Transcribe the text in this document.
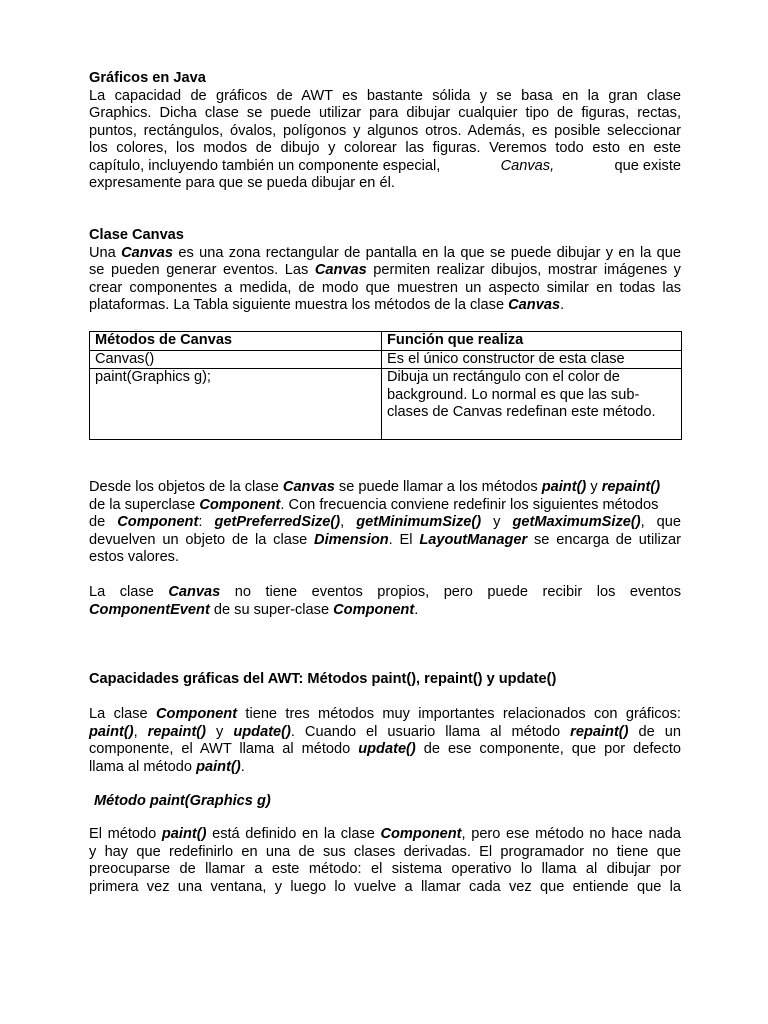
Gráficos en Java
La capacidad de gráficos de AWT es bastante sólida y se basa en la gran clase
Graphics. Dicha clase se puede utilizar para dibujar cualquier tipo de figuras, rectas,
puntos, rectángulos, óvalos, polígonos y algunos otros. Además, es posible seleccionar
los colores, los modos de dibujo y colorear las figuras. Veremos todo esto en este
capítulo, incluyendo también un componente especial,	Canvas,	que existe
expresamente para que se pueda dibujar en él.
Clase Canvas
Una Canvas es una zona rectangular de pantalla en la que se puede dibujar y en la que
se pueden generar eventos. Las Canvas permiten realizar dibujos, mostrar imágenes y
crear componentes a medida, de modo que muestren un aspecto similar en todas las
plataformas. La Tabla siguiente muestra los métodos de la clase Canvas.
Métodos de Canvas	Función que realiza
Canvas()	Es el único constructor de esta clase
paint(Graphics g);	Dibuja un rectángulo con el color de
background. Lo normal es que las sub-
clases de Canvas redefinan este método.
Desde los objetos de la clase Canvas se puede llamar a los métodos paint() y repaint()
de la superclase Component. Con frecuencia conviene redefinir los siguientes métodos
de Component: getPreferredSize(), getMinimumSize() y getMaximumSize(), que
devuelven un objeto de la clase Dimension. El LayoutManager se encarga de utilizar
estos valores.
La clase Canvas no tiene eventos propios, pero puede recibir los eventos
ComponentEvent de su super-clase Component.
Capacidades gráficas del AWT: Métodos paint(), repaint() y update()
La clase Component tiene tres métodos muy importantes relacionados con gráficos:
paint(), repaint() y update(). Cuando el usuario llama al método repaint() de un
componente, el AWT llama al método update() de ese componente, que por defecto
llama al método paint().
Método paint(Graphics g)
El método paint() está definido en la clase Component, pero ese método no hace nada
y hay que redefinirlo en una de sus clases derivadas. El programador no tiene que
preocuparse de llamar a este método: el sistema operativo lo llama al dibujar por
primera vez una ventana, y luego lo vuelve a llamar cada vez que entiende que la
